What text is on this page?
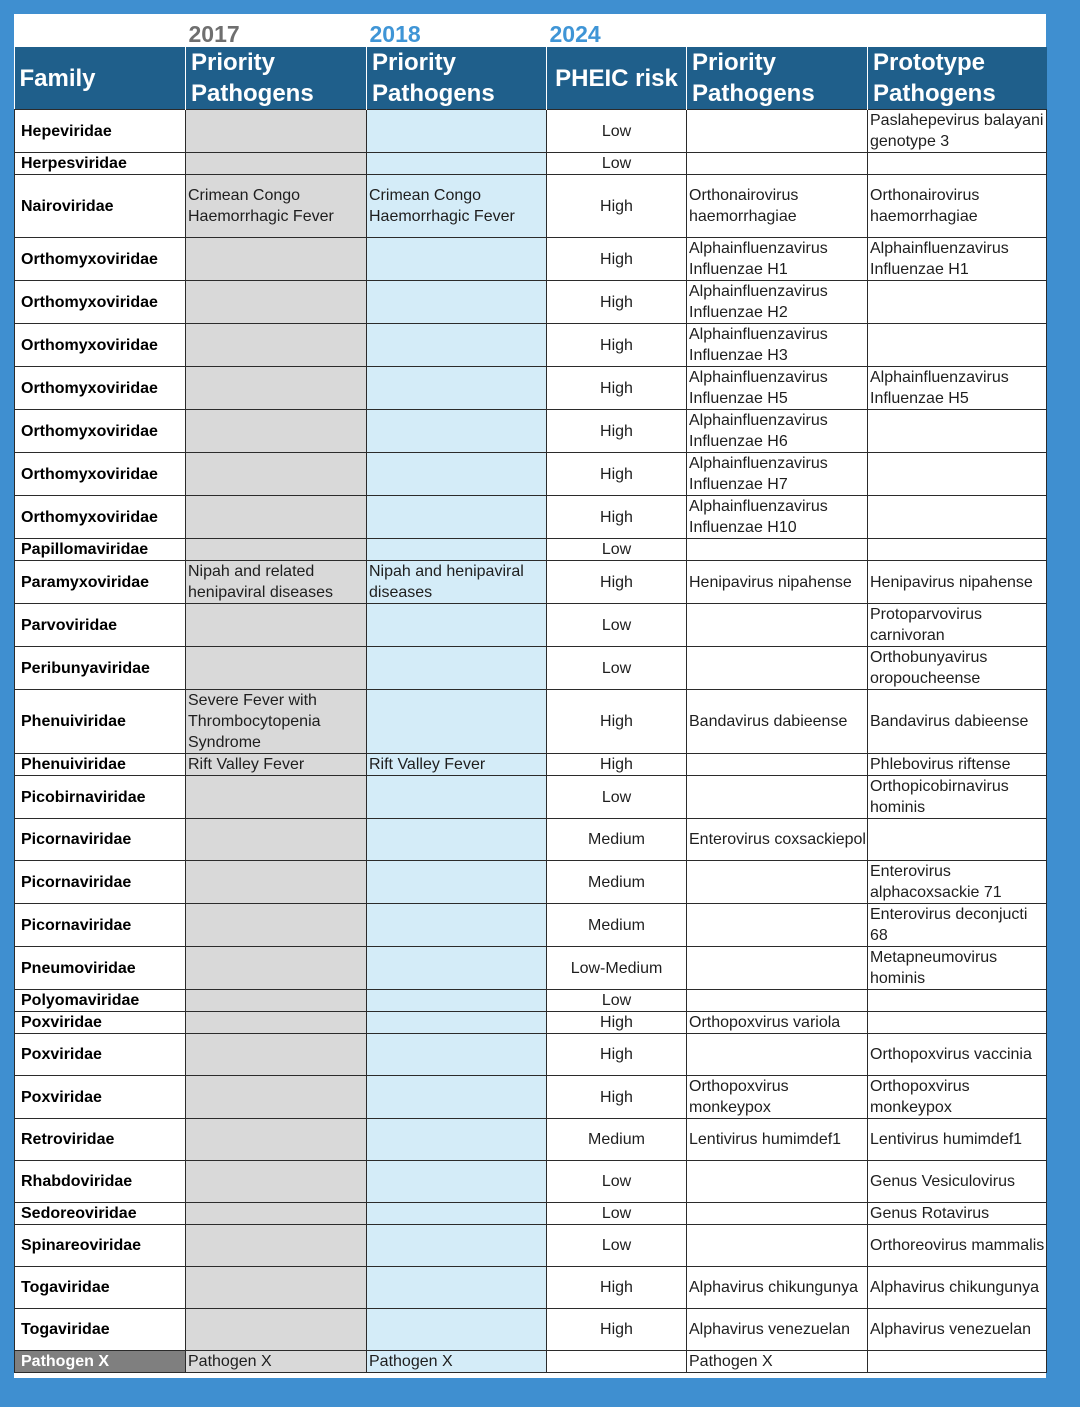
	2017	2018	2024		
Family	Priority Pathogens	Priority Pathogens	PHEIC risk	Priority Pathogens	Prototype Pathogens
Hepeviridae			Low		Paslahepevirus balayani genotype 3
Herpesviridae			Low		
Nairoviridae	Crimean Congo Haemorrhagic Fever	Crimean Congo Haemorrhagic Fever	High	Orthonairovirus haemorrhagiae	Orthonairovirus haemorrhagiae
Orthomyxoviridae			High	Alphainfluenzavirus Influenzae H1	Alphainfluenzavirus Influenzae H1
Orthomyxoviridae			High	Alphainfluenzavirus Influenzae H2	
Orthomyxoviridae			High	Alphainfluenzavirus Influenzae H3	
Orthomyxoviridae			High	Alphainfluenzavirus Influenzae H5	Alphainfluenzavirus Influenzae H5
Orthomyxoviridae			High	Alphainfluenzavirus Influenzae H6	
Orthomyxoviridae			High	Alphainfluenzavirus Influenzae H7	
Orthomyxoviridae			High	Alphainfluenzavirus Influenzae H10	
Papillomaviridae			Low		
Paramyxoviridae	Nipah and related henipaviral diseases	Nipah and henipaviral diseases	High	Henipavirus nipahense	Henipavirus nipahense
Parvoviridae			Low		Protoparvovirus carnivoran
Peribunyaviridae			Low		Orthobunyavirus oropoucheense
Phenuiviridae	Severe Fever with Thrombocytopenia Syndrome		High	Bandavirus dabieense	Bandavirus dabieense
Phenuiviridae	Rift Valley Fever	Rift Valley Fever	High		Phlebovirus riftense
Picobirnaviridae			Low		Orthopicobirnavirus hominis
Picornaviridae			Medium	Enterovirus coxsackiepol	
Picornaviridae			Medium		Enterovirus alphacoxsackie 71
Picornaviridae			Medium		Enterovirus deconjucti 68
Pneumoviridae			Low-Medium		Metapneumovirus hominis
Polyomaviridae			Low		
Poxviridae			High	Orthopoxvirus variola	
Poxviridae			High		Orthopoxvirus vaccinia
Poxviridae			High	Orthopoxvirus monkeypox	Orthopoxvirus monkeypox
Retroviridae			Medium	Lentivirus humimdef1	Lentivirus humimdef1
Rhabdoviridae			Low		Genus Vesiculovirus
Sedoreoviridae			Low		Genus Rotavirus
Spinareoviridae			Low		Orthoreovirus mammalis
Togaviridae			High	Alphavirus chikungunya	Alphavirus chikungunya
Togaviridae			High	Alphavirus venezuelan	Alphavirus venezuelan
Pathogen X	Pathogen X	Pathogen X		Pathogen X	
